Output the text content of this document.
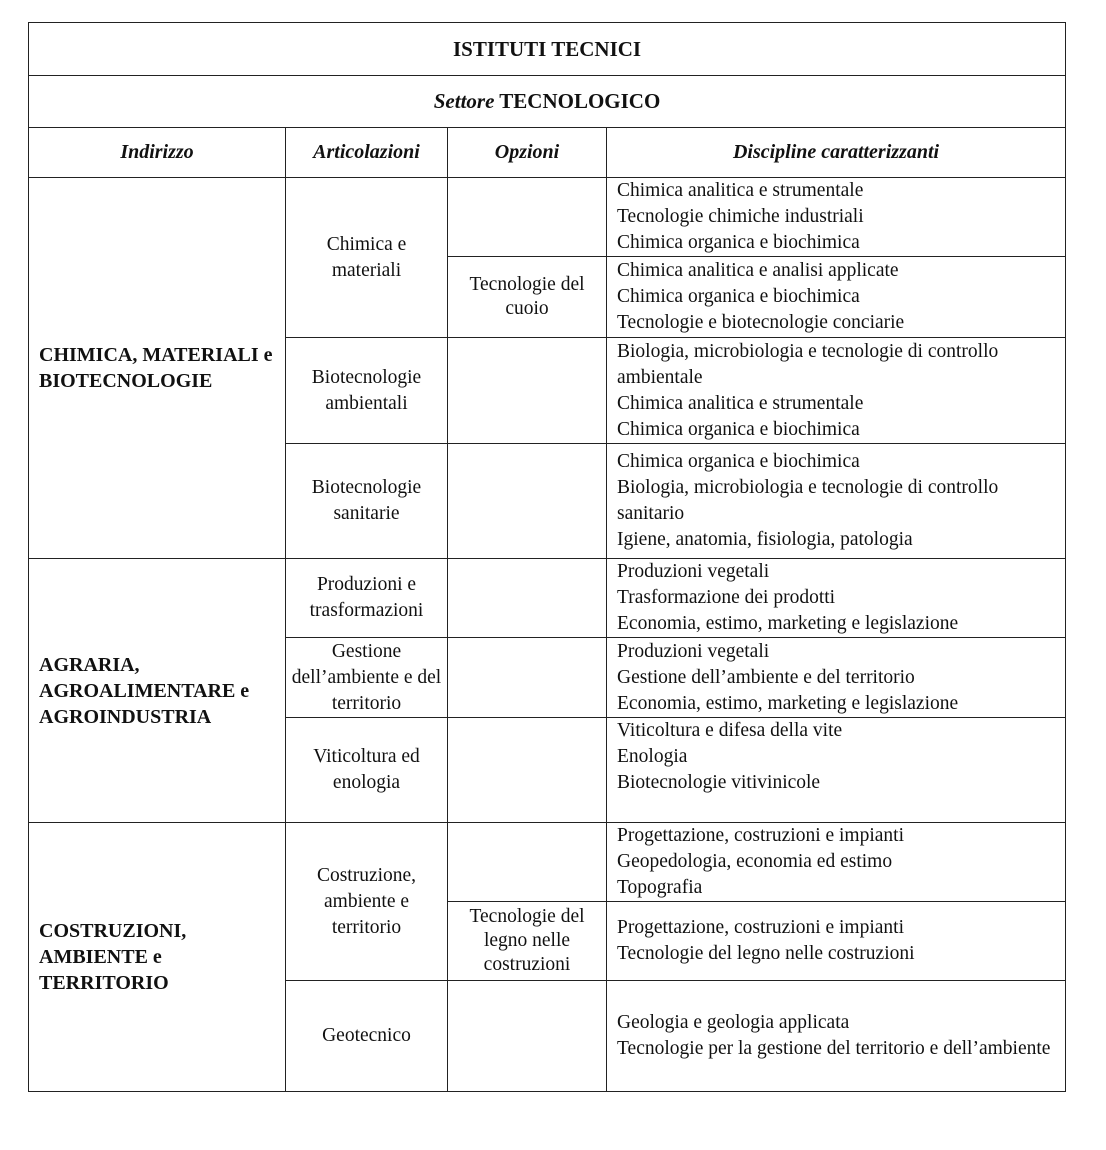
ISTITUTI TECNICI			
Settore TECNOLOGICO			
Indirizzo	Articolazioni	Opzioni	Discipline caratterizzanti
CHIMICA, MATERIALI e BIOTECNOLOGIE	Chimica e materiali		Chimica analitica e strumentale
Tecnologie chimiche industriali
Chimica organica e biochimica

		Tecnologie del cuoio	Chimica analitica e analisi applicate
Chimica organica e biochimica
Tecnologie e biotecnologie conciarie

	Biotecnologie ambientali		Biologia, microbiologia e tecnologie di controllo ambientale
Chimica analitica e strumentale
Chimica organica e biochimica

	Biotecnologie sanitarie		Chimica organica e biochimica
Biologia, microbiologia e tecnologie di controllo sanitario
Igiene, anatomia, fisiologia, patologia

AGRARIA, AGROALIMENTARE e AGROINDUSTRIA	Produzioni e trasformazioni		Produzioni vegetali
Trasformazione dei prodotti
Economia, estimo, marketing e legislazione

	Gestione dell’ambiente e del territorio		Produzioni vegetali
Gestione dell’ambiente e del territorio
Economia, estimo, marketing e legislazione

	Viticoltura ed enologia		Viticoltura e difesa della vite
Enologia
Biotecnologie vitivinicole

COSTRUZIONI, AMBIENTE e TERRITORIO	Costruzione, ambiente e territorio		Progettazione, costruzioni e impianti
Geopedologia, economia ed estimo
Topografia

		Tecnologie del legno nelle costruzioni	Progettazione, costruzioni e impianti
Tecnologie del legno nelle costruzioni

	Geotecnico		Geologia e geologia applicata
Tecnologie per la gestione del territorio e dell’ambiente
